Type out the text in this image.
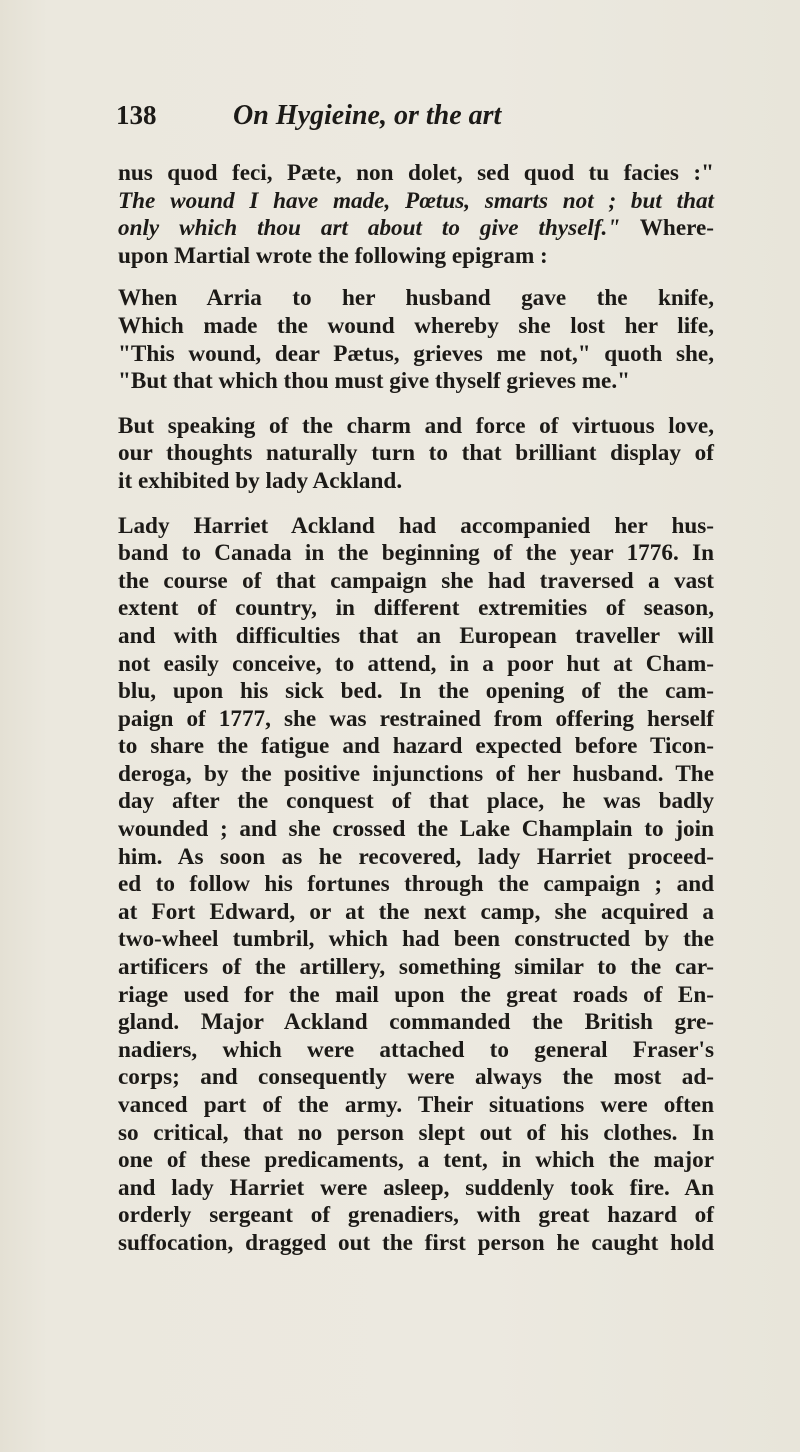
138	On Hygieine, or the art
nus quod feci, Pæte, non dolet, sed quod tu facies :"
The wound I have made, Pœtus, smarts not ; but that
only which thou art about to give thyself." Where-
upon Martial wrote the following epigram :
When Arria to her husband gave the knife,
Which made the wound whereby she lost her life,
"This wound, dear Pætus, grieves me not," quoth she,
"But that which thou must give thyself grieves me."
But speaking of the charm and force of virtuous love,
our thoughts naturally turn to that brilliant display of
it exhibited by lady Ackland.
Lady Harriet Ackland had accompanied her hus-
band to Canada in the beginning of the year 1776. In
the course of that campaign she had traversed a vast
extent of country, in different extremities of season,
and with difficulties that an European traveller will
not easily conceive, to attend, in a poor hut at Cham-
blu, upon his sick bed. In the opening of the cam-
paign of 1777, she was restrained from offering herself
to share the fatigue and hazard expected before Ticon-
deroga, by the positive injunctions of her husband. The
day after the conquest of that place, he was badly
wounded ; and she crossed the Lake Champlain to join
him. As soon as he recovered, lady Harriet proceed-
ed to follow his fortunes through the campaign ; and
at Fort Edward, or at the next camp, she acquired a
two-wheel tumbril, which had been constructed by the
artificers of the artillery, something similar to the car-
riage used for the mail upon the great roads of En-
gland. Major Ackland commanded the British gre-
nadiers, which were attached to general Fraser's
corps; and consequently were always the most ad-
vanced part of the army. Their situations were often
so critical, that no person slept out of his clothes. In
one of these predicaments, a tent, in which the major
and lady Harriet were asleep, suddenly took fire. An
orderly sergeant of grenadiers, with great hazard of
suffocation, dragged out the first person he caught hold
